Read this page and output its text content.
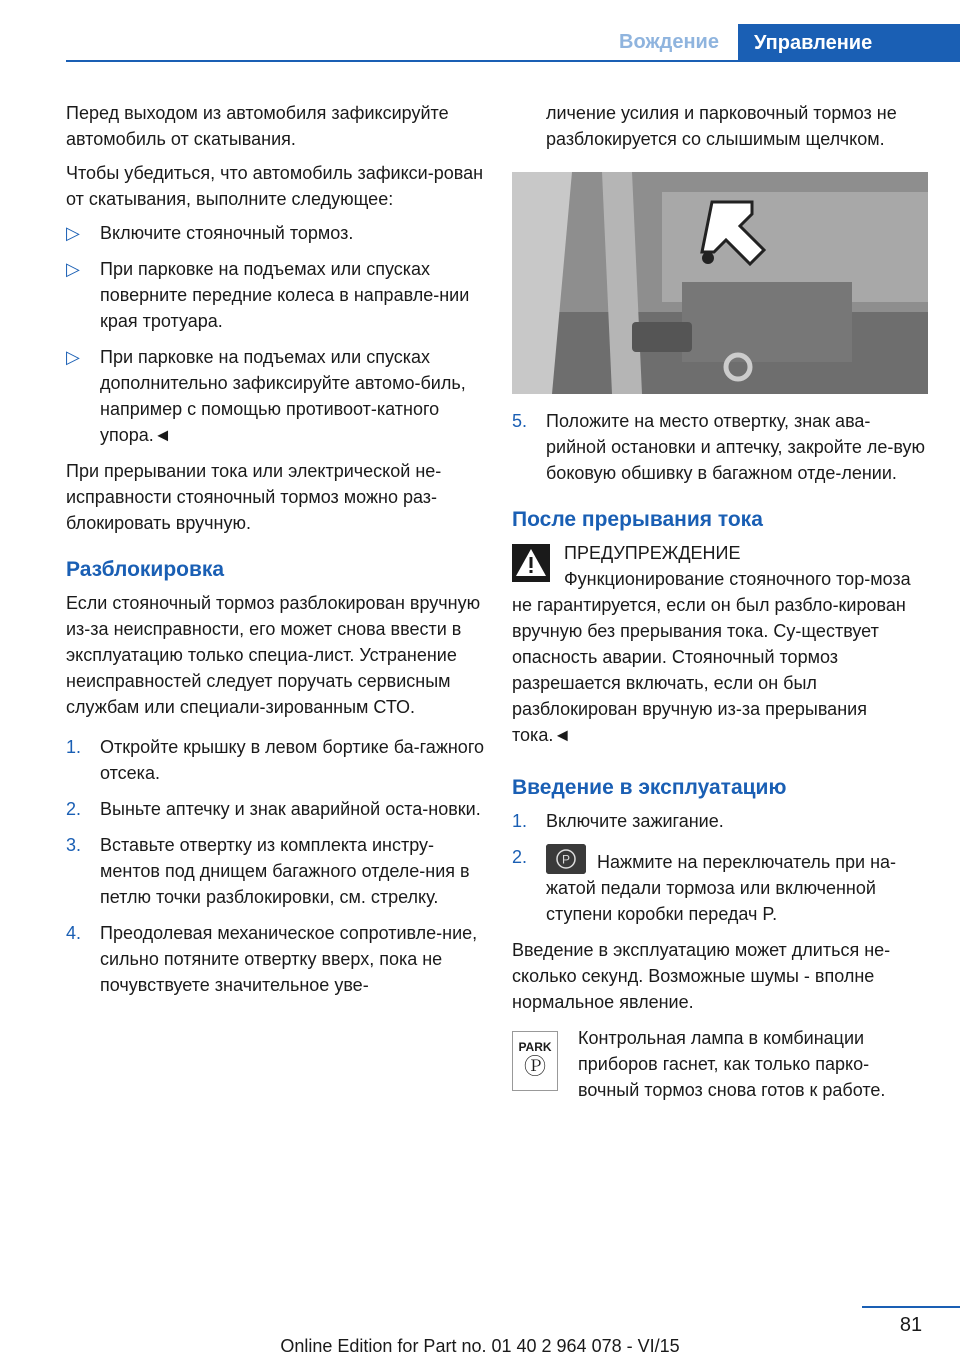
Вождение	Управление

Перед выходом из автомобиля зафиксируйте автомобиль от скатывания.

Чтобы убедиться, что автомобиль зафикси-рован от скатывания, выполните следующее:

▷ Включите стояночный тормоз.
▷ При парковке на подъемах или спусках поверните передние колеса в направле-нии края тротуара.
▷ При парковке на подъемах или спусках дополнительно зафиксируйте автомо-биль, например с помощью противоот-катного упора.◄

При прерывании тока или электрической не-исправности стояночный тормоз можно раз-блокировать вручную.

Разблокировка

Если стояночный тормоз разблокирован вручную из-за неисправности, его может снова ввести в эксплуатацию только специа-лист. Устранение неисправностей следует поручать сервисным службам или специали-зированным СТО.

1. Откройте крышку в левом бортике ба-гажного отсека.
2. Выньте аптечку и знак аварийной оста-новки.
3. Вставьте отвертку из комплекта инстру-ментов под днищем багажного отделе-ния в петлю точки разблокировки, см. стрелку.
4. Преодолевая механическое сопротивле-ние, сильно потяните отвертку вверх, пока не почувствуете значительное уве-

личение усилия и парковочный тормоз не разблокируется со слышимым щелчком.

5. Положите на место отвертку, знак ава-рийной остановки и аптечку, закройте ле-вую боковую обшивку в багажном отде-лении.
После прерывания тока

ПРЕДУПРЕЖДЕНИЕ

Функционирование стояночного тор-моза не гарантируется, если он был разбло-кирован вручную без прерывания тока. Су-ществует опасность аварии. Стояночный тормоз разрешается включать, если он был разблокирован вручную из-за прерывания тока.◄

Введение в эксплуатацию
1. Включите зажигание.
2.	P Нажмите на переключатель при на-жатой педали тормоза или включенной ступени коробки передач P.

Введение в эксплуатацию может длиться не-сколько секунд. Возможные шумы - вполне нормальное явление.

PARK
Ⓟ

Контрольная лампа в комбинации приборов гаснет, как только парко-вочный тормоз снова готов к работе.

81
Online Edition for Part no. 01 40 2 964 078 - VI/15
